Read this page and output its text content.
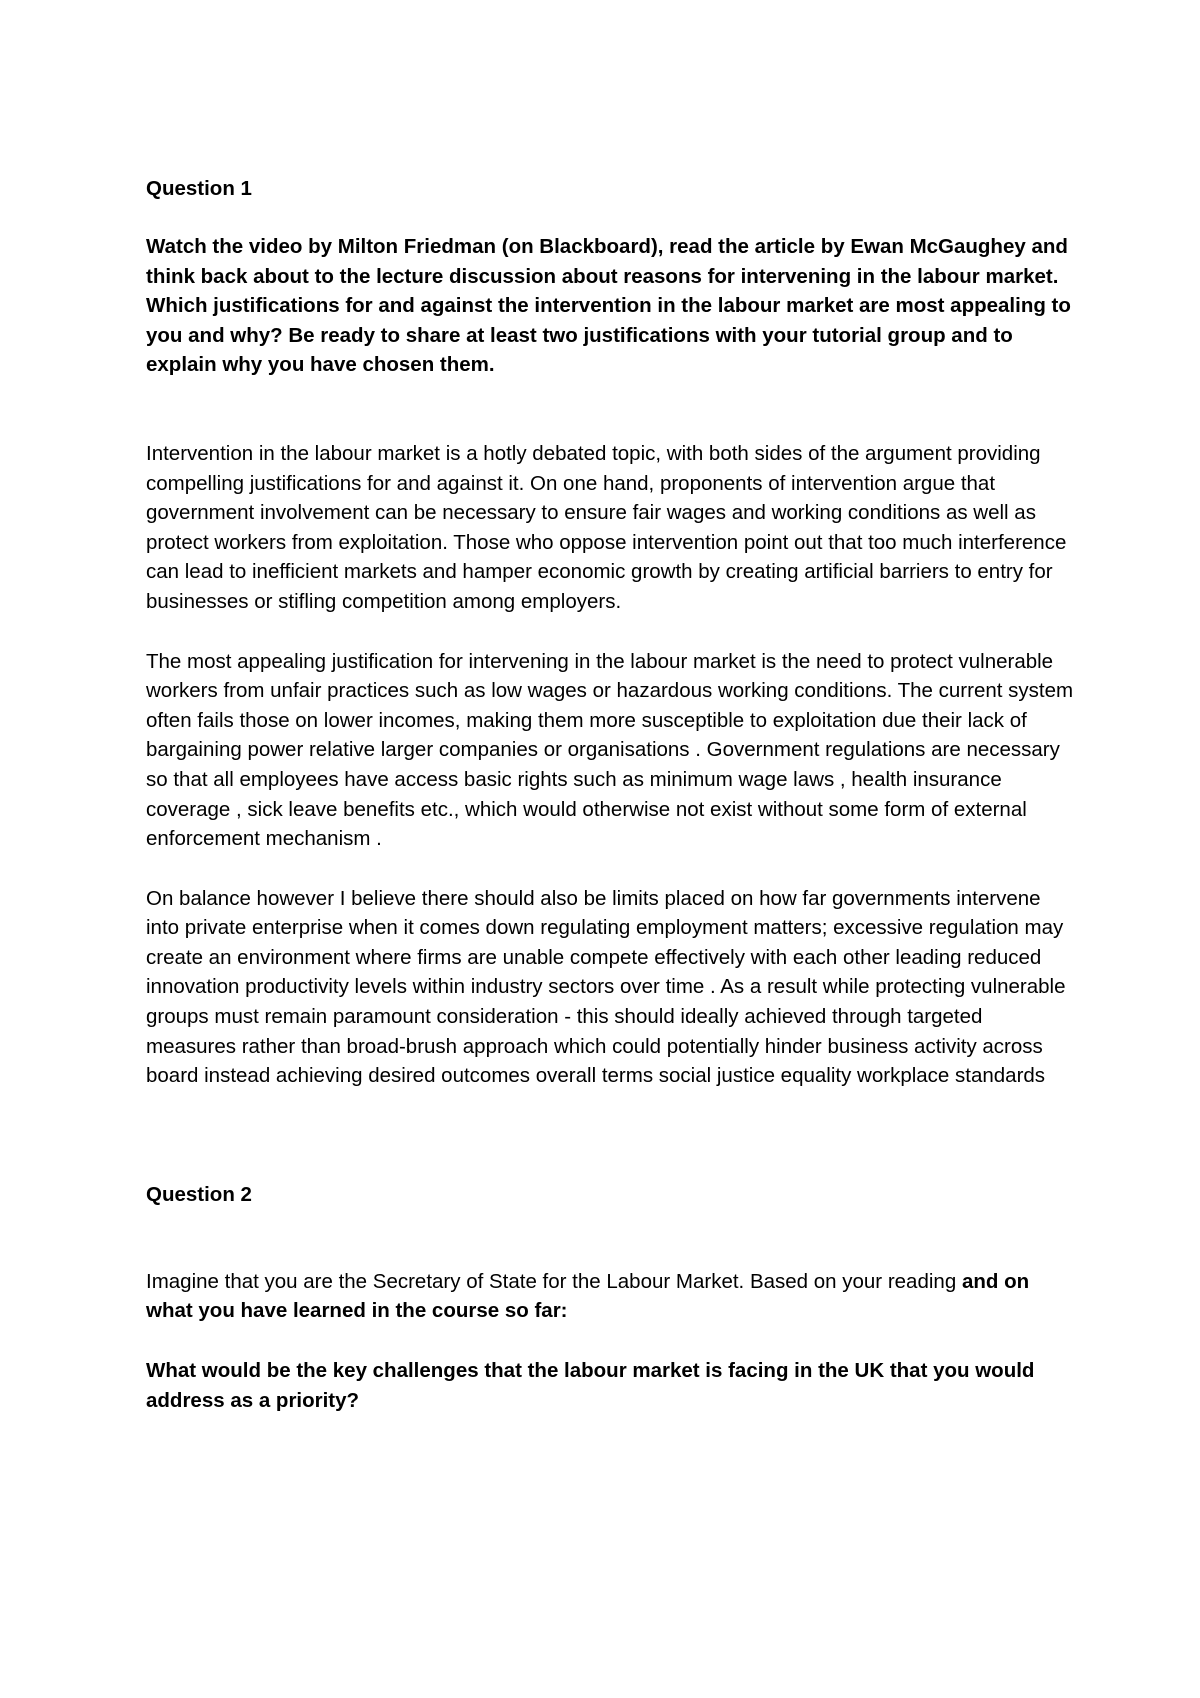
Question 1

Watch the video by Milton Friedman (on Blackboard), read the article by Ewan McGaughey and think back about to the lecture discussion about reasons for intervening in the labour market. Which justifications for and against the intervention in the labour market are most appealing to you and why? Be ready to share at least two justifications with your tutorial group and to explain why you have chosen them.

Intervention in the labour market is a hotly debated topic, with both sides of the argument providing compelling justifications for and against it. On one hand, proponents of intervention argue that government involvement can be necessary to ensure fair wages and working conditions as well as protect workers from exploitation. Those who oppose intervention point out that too much interference can lead to inefficient markets and hamper economic growth by creating artificial barriers to entry for businesses or stifling competition among employers.

The most appealing justification for intervening in the labour market is the need to protect vulnerable workers from unfair practices such as low wages or hazardous working conditions. The current system often fails those on lower incomes, making them more susceptible to exploitation due their lack of bargaining power relative larger companies or organisations . Government regulations are necessary so that all employees have access basic rights such as minimum wage laws , health insurance coverage , sick leave benefits etc., which would otherwise not exist without some form of external enforcement mechanism .

On balance however I believe there should also be limits placed on how far governments intervene into private enterprise when it comes down regulating employment matters; excessive regulation may create an environment where firms are unable compete effectively with each other leading reduced innovation productivity levels within industry sectors over time . As a result while protecting vulnerable groups must remain paramount consideration - this should ideally achieved through targeted measures rather than broad-brush approach which could potentially hinder business activity across board instead achieving desired outcomes overall terms social justice equality workplace standards

Question 2

Imagine that you are the Secretary of State for the Labour Market. Based on your reading and on what you have learned in the course so far:

What would be the key challenges that the labour market is facing in the UK that you would address as a priority?
